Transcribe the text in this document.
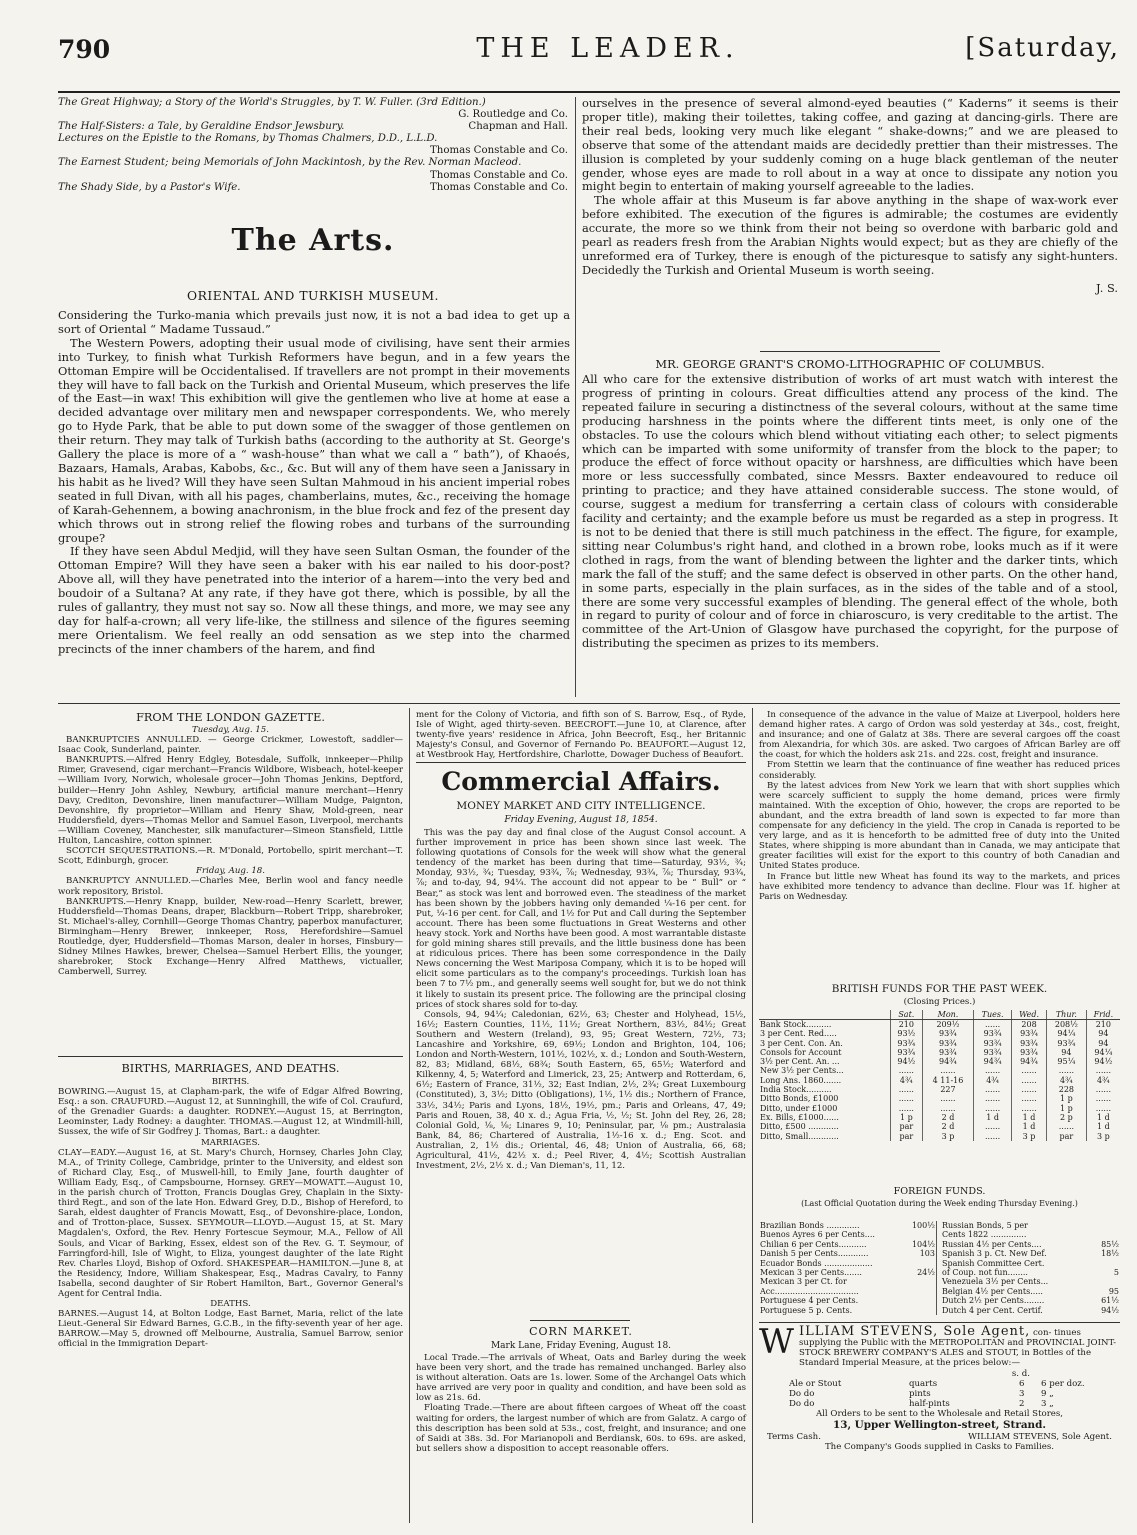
790	THE LEADER.	[Saturday,
The Great Highway; a Story of the World's Struggles, by T. W. Fuller. (3rd Edition.)
G. Routledge and Co.
The Half-Sisters: a Tale, by Geraldine Endsor Jewsbury.	Chapman and Hall.
Lectures on the Epistle to the Romans, by Thomas Chalmers, D.D., L.L.D.
Thomas Constable and Co.
The Earnest Student; being Memorials of John Mackintosh, by the Rev. Norman Macleod.
Thomas Constable and Co.
The Shady Side, by a Pastor's Wife.	Thomas Constable and Co.
The Arts.
ORIENTAL AND TURKISH MUSEUM.

Considering the Turko-mania which prevails just now, it is not a bad idea to get up a sort of Oriental “ Madame Tussaud.”

The Western Powers, adopting their usual mode of civilising, have sent their armies into Turkey, to finish what Turkish Reformers have begun, and in a few years the Ottoman Empire will be Occidentalised. If travellers are not prompt in their movements they will have to fall back on the Turkish and Oriental Museum, which preserves the life of the East—in wax! This exhibition will give the gentlemen who live at home at ease a decided advantage over military men and newspaper correspondents. We, who merely go to Hyde Park, that be able to put down some of the swagger of those gentlemen on their return. They may talk of Turkish baths (according to the authority at St. George's Gallery the place is more of a “ wash-house” than what we call a “ bath”), of Khaoés, Bazaars, Hamals, Arabas, Kabobs, &c., &c. But will any of them have seen a Janissary in his habit as he lived? Will they have seen Sultan Mahmoud in his ancient imperial robes seated in full Divan, with all his pages, chamberlains, mutes, &c., receiving the homage of Karah-Gehennem, a bowing anachronism, in the blue frock and fez of the present day which throws out in strong relief the flowing robes and turbans of the surrounding groupe?

If they have seen Abdul Medjid, will they have seen Sultan Osman, the founder of the Ottoman Empire? Will they have seen a baker with his ear nailed to his door-post? Above all, will they have penetrated into the interior of a harem—into the very bed and boudoir of a Sultana? At any rate, if they have got there, which is possible, by all the rules of gallantry, they must not say so. Now all these things, and more, we may see any day for half-a-crown; all very life-like, the stillness and silence of the figures seeming mere Orientalism. We feel really an odd sensation as we step into the charmed precincts of the inner chambers of the harem, and find

ourselves in the presence of several almond-eyed beauties (“ Kaderns” it seems is their proper title), making their toilettes, taking coffee, and gazing at dancing-girls. There are their real beds, looking very much like elegant “ shake-downs;” and we are pleased to observe that some of the attendant maids are decidedly prettier than their mistresses. The illusion is completed by your suddenly coming on a huge black gentleman of the neuter gender, whose eyes are made to roll about in a way at once to dissipate any notion you might begin to entertain of making yourself agreeable to the ladies.

The whole affair at this Museum is far above anything in the shape of wax-work ever before exhibited. The execution of the figures is admirable; the costumes are evidently accurate, the more so we think from their not being so overdone with barbaric gold and pearl as readers fresh from the Arabian Nights would expect; but as they are chiefly of the unreformed era of Turkey, there is enough of the picturesque to satisfy any sight-hunters. Decidedly the Turkish and Oriental Museum is worth seeing.

J. S.
MR. GEORGE GRANT'S CROMO-LITHOGRAPHIC OF COLUMBUS.

All who care for the extensive distribution of works of art must watch with interest the progress of printing in colours. Great difficulties attend any process of the kind. The repeated failure in securing a distinctness of the several colours, without at the same time producing harshness in the points where the different tints meet, is only one of the obstacles. To use the colours which blend without vitiating each other; to select pigments which can be imparted with some uniformity of transfer from the block to the paper; to produce the effect of force without opacity or harshness, are difficulties which have been more or less successfully combated, since Messrs. Baxter endeavoured to reduce oil printing to practice; and they have attained considerable success. The stone would, of course, suggest a medium for transferring a certain class of colours with considerable facility and certainty; and the example before us must be regarded as a step in progress. It is not to be denied that there is still much patchiness in the effect. The figure, for example, sitting near Columbus's right hand, and clothed in a brown robe, looks much as if it were clothed in rags, from the want of blending between the lighter and the darker tints, which mark the fall of the stuff; and the same defect is observed in other parts. On the other hand, in some parts, especially in the plain surfaces, as in the sides of the table and of a stool, there are some very successful examples of blending. The general effect of the whole, both in regard to purity of colour and of force in chiaroscuro, is very creditable to the artist. The committee of the Art-Union of Glasgow have purchased the copyright, for the purpose of distributing the specimen as prizes to its members.

FROM THE LONDON GAZETTE.
Tuesday, Aug. 15.

BANKRUPTCIES ANNULLED. — George Crickmer, Lowestoft, saddler—Isaac Cook, Sunderland, painter.

BANKRUPTS.—Alfred Henry Edgley, Botesdale, Suffolk, innkeeper—Philip Rimer, Gravesend, cigar merchant—Francis Wildbore, Wisbeach, hotel-keeper—William Ivory, Norwich, wholesale grocer—John Thomas Jenkins, Deptford, builder—Henry John Ashley, Newbury, artificial manure merchant—Henry Davy, Crediton, Devonshire, linen manufacturer—William Mudge, Paignton, Devonshire, fly proprietor—William and Henry Shaw, Mold-green, near Huddersfield, dyers—Thomas Mellor and Samuel Eason, Liverpool, merchants—William Coveney, Manchester, silk manufacturer—Simeon Stansfield, Little Hulton, Lancashire, cotton spinner.

SCOTCH SEQUESTRATIONS.—R. M'Donald, Portobello, spirit merchant—T. Scott, Edinburgh, grocer.

Friday, Aug. 18.

BANKRUPTCY ANNULLED.—Charles Mee, Berlin wool and fancy needle work repository, Bristol.

BANKRUPTS.—Henry Knapp, builder, New-road—Henry Scarlett, brewer, Huddersfield—Thomas Deans, draper, Blackburn—Robert Tripp, sharebroker, St. Michael's-alley, Cornhill—George Thomas Chantry, paperbox manufacturer, Birmingham—Henry Brewer, innkeeper, Ross, Herefordshire—Samuel Routledge, dyer, Huddersfield—Thomas Marson, dealer in horses, Finsbury—Sidney Milnes Hawkes, brewer, Chelsea—Samuel Herbert Ellis, the younger, sharebroker, Stock Exchange—Henry Alfred Matthews, victualler, Camberwell, Surrey.

BIRTHS, MARRIAGES, AND DEATHS.
BIRTHS.

BOWRING.—August 15, at Clapham-park, the wife of Edgar Alfred Bowring, Esq.: a son. CRAUFURD.—August 12, at Sunninghill, the wife of Col. Craufurd, of the Grenadier Guards: a daughter. RODNEY.—August 15, at Berrington, Leominster, Lady Rodney: a daughter. THOMAS.—August 12, at Windmill-hill, Sussex, the wife of Sir Godfrey J. Thomas, Bart.: a daughter.

MARRIAGES.

CLAY—EADY.—August 16, at St. Mary's Church, Hornsey, Charles John Clay, M.A., of Trinity College, Cambridge, printer to the University, and eldest son of Richard Clay, Esq., of Muswell-hill, to Emily Jane, fourth daughter of William Eady, Esq., of Campsbourne, Hornsey. GREY—MOWATT.—August 10, in the parish church of Trotton, Francis Douglas Grey, Chaplain in the Sixty-third Regt., and son of the late Hon. Edward Grey, D.D., Bishop of Hereford, to Sarah, eldest daughter of Francis Mowatt, Esq., of Devonshire-place, London, and of Trotton-place, Sussex. SEYMOUR—LLOYD.—August 15, at St. Mary Magdalen's, Oxford, the Rev. Henry Fortescue Seymour, M.A., Fellow of All Souls, and Vicar of Barking, Essex, eldest son of the Rev. G. T. Seymour, of Farringford-hill, Isle of Wight, to Eliza, youngest daughter of the late Right Rev. Charles Lloyd, Bishop of Oxford. SHAKESPEAR—HAMILTON.—June 8, at the Residency, Indore, William Shakespear, Esq., Madras Cavalry, to Fanny Isabella, second daughter of Sir Robert Hamilton, Bart., Governor General's Agent for Central India.

DEATHS.

BARNES.—August 14, at Bolton Lodge, East Barnet, Maria, relict of the late Lieut.-General Sir Edward Barnes, G.C.B., in the fifty-seventh year of her age. BARROW.—May 5, drowned off Melbourne, Australia, Samuel Barrow, senior official in the Immigration Depart-

ment for the Colony of Victoria, and fifth son of S. Barrow, Esq., of Ryde, Isle of Wight, aged thirty-seven. BEECROFT.—June 10, at Clarence, after twenty-five years' residence in Africa, John Beecroft, Esq., her Britannic Majesty's Consul, and Governor of Fernando Po. BEAUFORT.—August 12, at Westbrook Hay, Hertfordshire, Charlotte, Dowager Duchess of Beaufort.
Commercial Affairs.
MONEY MARKET AND CITY INTELLIGENCE.
Friday Evening, August 18, 1854.

This was the pay day and final close of the August Consol account. A further improvement in price has been shown since last week. The following quotations of Consols for the week will show what the general tendency of the market has been during that time—Saturday, 93½, ¾; Monday, 93½, ¾; Tuesday, 93¾, ⅞; Wednesday, 93¾, ⅞; Thursday, 93¾, ⅞; and to-day, 94, 94¼. The account did not appear to be “ Bull” or “ Bear,” as stock was lent and borrowed even. The steadiness of the market has been shown by the jobbers having only demanded ¼-16 per cent. for Put, ¼-16 per cent. for Call, and 1½ for Put and Call during the September account. There has been some fluctuations in Great Westerns and other heavy stock. York and Norths have been good. A most warrantable distaste for gold mining shares still prevails, and the little business done has been at ridiculous prices. There has been some correspondence in the Daily News concerning the West Mariposa Company, which it is to be hoped will elicit some particulars as to the company's proceedings. Turkish loan has been 7 to 7½ pm., and generally seems well sought for, but we do not think it likely to sustain its present price. The following are the principal closing prices of stock shares sold for to-day.

Consols, 94, 94¼; Caledonian, 62½, 63; Chester and Holyhead, 15½, 16½; Eastern Counties, 11½, 11½; Great Northern, 83½, 84½; Great Southern and Western (Ireland), 93, 95; Great Western, 72½, 73; Lancashire and Yorkshire, 69, 69½; London and Brighton, 104, 106; London and North-Western, 101½, 102½, x. d.; London and South-Western, 82, 83; Midland, 68½, 68¾; South Eastern, 65, 65½; Waterford and Kilkenny, 4, 5; Waterford and Limerick, 23, 25; Antwerp and Rotterdam, 6, 6½; Eastern of France, 31½, 32; East Indian, 2½, 2¾; Great Luxembourg (Constituted), 3, 3½; Ditto (Obligations), 1½, 1½ dis.; Northern of France, 33½, 34½; Paris and Lyons, 18½, 19½, pm.; Paris and Orleans, 47, 49; Paris and Rouen, 38, 40 x. d.; Agua Fria, ½, ½; St. John del Rey, 26, 28; Colonial Gold, ⅛, ⅛; Linares 9, 10; Peninsular, par, ⅛ pm.; Australasia Bank, 84, 86; Chartered of Australia, 1½-16 x. d.; Eng. Scot. and Australian, 2, 1½ dis.; Oriental, 46, 48; Union of Australia, 66, 68; Agricultural, 41½, 42½ x. d.; Peel River, 4, 4½; Scottish Australian Investment, 2½, 2½ x. d.; Van Dieman's, 11, 12.

CORN MARKET.
Mark Lane, Friday Evening, August 18.

Local Trade.—The arrivals of Wheat, Oats and Barley during the week have been very short, and the trade has remained unchanged. Barley also is without alteration. Oats are 1s. lower. Some of the Archangel Oats which have arrived are very poor in quality and condition, and have been sold as low as 21s. 6d.

Floating Trade.—There are about fifteen cargoes of Wheat off the coast waiting for orders, the largest number of which are from Galatz. A cargo of this description has been sold at 53s., cost, freight, and insurance; and one of Saidi at 38s. 3d. For Marianopoli and Berdiansk, 60s. to 69s. are asked, but sellers show a disposition to accept reasonable offers.

In consequence of the advance in the value of Maize at Liverpool, holders here demand higher rates. A cargo of Ordon was sold yesterday at 34s., cost, freight, and insurance; and one of Galatz at 38s. There are several cargoes off the coast from Alexandria, for which 30s. are asked. Two cargoes of African Barley are off the coast, for which the holders ask 21s. and 22s. cost, freight and insurance.

From Stettin we learn that the continuance of fine weather has reduced prices considerably.

By the latest advices from New York we learn that with short supplies which were scarcely sufficient to supply the home demand, prices were firmly maintained. With the exception of Ohio, however, the crops are reported to be abundant, and the extra breadth of land sown is expected to far more than compensate for any deficiency in the yield. The crop in Canada is reported to be very large, and as it is henceforth to be admitted free of duty into the United States, where shipping is more abundant than in Canada, we may anticipate that greater facilities will exist for the export to this country of both Canadian and United States produce.

In France but little new Wheat has found its way to the markets, and prices have exhibited more tendency to advance than decline. Flour was 1f. higher at Paris on Wednesday.

BRITISH FUNDS FOR THE PAST WEEK.
(Closing Prices.)
	Sat.	Mon.	Tues.	Wed.	Thur.	Frid.
Bank Stock..........	210	209½	......	208	208½	210
3 per Cent. Red.....	93½	93¾	93¾	93¾	94¼	94
3 per Cent. Con. An.	93¾	93¾	93¾	93¾	93¾	94
Consols for Account	93¾	93¾	93¾	93¾	94	94¼
3½ per Cent. An. ...	94½	94¾	94¾	94¾	95¼	94½
New 3½ per Cents...	......	......	......	......	......	......
Long Ans. 1860.......	4¾	4 11-16	4¾	......	4¾	4¾
India Stock..........	......	227	......	......	228	......
Ditto Bonds, £1000	......	......	......	......	1 p	......
Ditto, under £1000	......	......	......	......	1 p	......
Ex. Bills, £1000......	1 p	2 d	1 d	1 d	2 p	1 d
Ditto, £500 ............	par	2 d	......	1 d	......	1 d
Ditto, Small............	par	3 p	......	3 p	par	3 p
FOREIGN FUNDS.
(Last Official Quotation during the Week ending Thursday Evening.)
Brazilian Bonds .............	100½
Buenos Ayres 6 per Cents....	
Chilian 6 per Cents...........	104½
Danish 5 per Cents............	103
Ecuador Bonds ...................	
Mexican 3 per Cents.......	24½
Mexican 3 per Ct. for	
Acc.................................	
Portuguese 4 per Cents.	
Portuguese 5 p. Cents.	
Russian Bonds, 5 per	
Cents 1822 ..............	
Russian 4½ per Cents....	85½
Spanish 3 p. Ct. New Def.	18½
Spanish Committee Cert.	
of Coup. not fun........	5
Venezuela 3½ per Cents...	
Belgian 4½ per Cents.....	95
Dutch 2½ per Cents........	61½
Dutch 4 per Cent. Certif.	94½
W ILLIAM STEVENS, Sole Agent, con- tinues supplying the Public with the METROPOLITAN and PROVINCIAL JOINT-STOCK BREWERY COMPANY'S ALES and STOUT, in Bottles of the Standard Imperial Measure, at the prices below:—
s. d.
Ale or Stout	quarts	6	6 per doz.
Do do	pints	3	9 „
Do do	half-pints	2	3 „
All Orders to be sent to the Wholesale and Retail Stores,
13, Upper Wellington-street, Strand.
Terms Cash.	WILLIAM STEVENS, Sole Agent.
The Company's Goods supplied in Casks to Families.
